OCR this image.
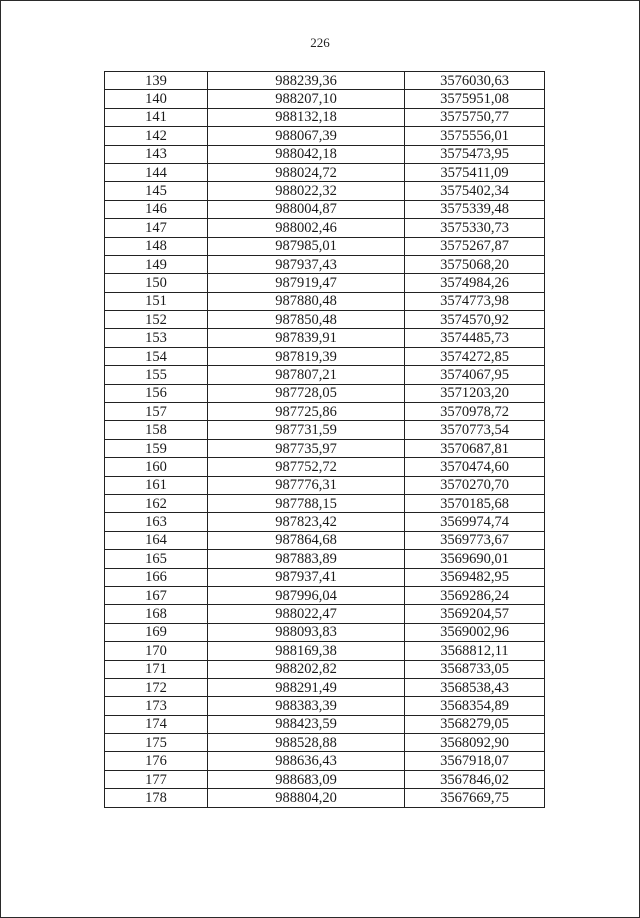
226
139	988239,36	3576030,63
140	988207,10	3575951,08
141	988132,18	3575750,77
142	988067,39	3575556,01
143	988042,18	3575473,95
144	988024,72	3575411,09
145	988022,32	3575402,34
146	988004,87	3575339,48
147	988002,46	3575330,73
148	987985,01	3575267,87
149	987937,43	3575068,20
150	987919,47	3574984,26
151	987880,48	3574773,98
152	987850,48	3574570,92
153	987839,91	3574485,73
154	987819,39	3574272,85
155	987807,21	3574067,95
156	987728,05	3571203,20
157	987725,86	3570978,72
158	987731,59	3570773,54
159	987735,97	3570687,81
160	987752,72	3570474,60
161	987776,31	3570270,70
162	987788,15	3570185,68
163	987823,42	3569974,74
164	987864,68	3569773,67
165	987883,89	3569690,01
166	987937,41	3569482,95
167	987996,04	3569286,24
168	988022,47	3569204,57
169	988093,83	3569002,96
170	988169,38	3568812,11
171	988202,82	3568733,05
172	988291,49	3568538,43
173	988383,39	3568354,89
174	988423,59	3568279,05
175	988528,88	3568092,90
176	988636,43	3567918,07
177	988683,09	3567846,02
178	988804,20	3567669,75
